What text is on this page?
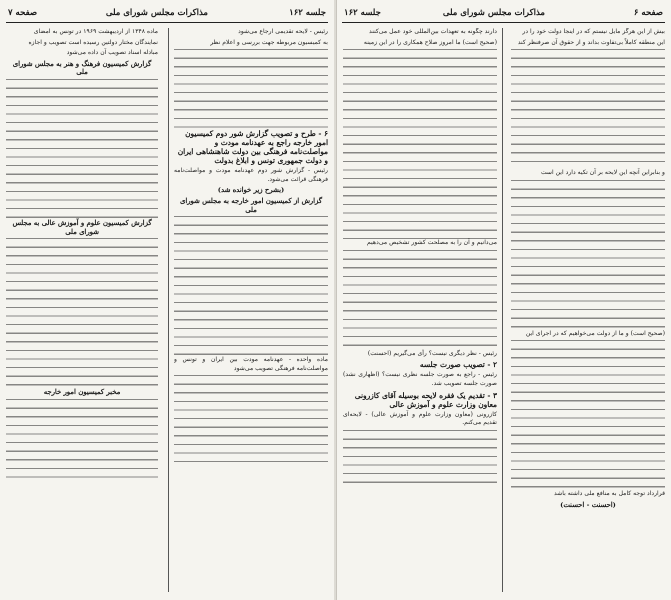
صفحه ۶
مذاکرات مجلس شورای ملی
جلسه ۱۶۲

بیش از این هرگز مایل نیستم که در اینجا دولت خود را در

این منطقه کاملاً بی‌تفاوت بداند و از حقوق آن صرفنظر کند

و بنابراین آنچه این لایحه بر آن تکیه دارد این است

(صحیح است) و ما از دولت می‌خواهیم که در اجرای این

قرارداد توجه کامل به منافع ملی داشته باشد

(احسنت - احسنت)

دارند چگونه به تعهدات بین‌المللی خود عمل می‌کنند

(صحیح است) ما امروز صلاح همکاری را در این زمینه

می‌دانیم و آن را به مصلحت کشور تشخیص می‌دهیم

رئیس - نظر دیگری نیست؟ رأی می‌گیریم (احسنت)

۲ - تصویب صورت جلسه

رئیس - راجع به صورت جلسه نظری نیست؟ (اظهاری نشد) صورت جلسه تصویب شد.

۳ - تقدیم یک فقره لایحه بوسیله آقای کازرونی معاون وزارت علوم و آموزش عالی

کازرونی (معاون وزارت علوم و آموزش عالی) - لایحه‌ای تقدیم می‌کنم.

جلسه ۱۶۲
مذاکرات مجلس شورای ملی
صفحه ۷

رئیس - لایحه تقدیمی ارجاع می‌شود

به کمیسیون مربوطه جهت بررسی و اعلام نظر

۶ - طرح و تصویب گزارش شور دوم کمیسیون امور خارجه راجع به عهدنامه مودت و مواصلت‌نامه فرهنگی بین دولت شاهنشاهی ایران و دولت جمهوری تونس و ابلاغ بدولت

رئیس - گزارش شور دوم عهدنامه مودت و مواصلت‌نامه فرهنگی قرائت می‌شود.

(بشرح زیر خوانده شد)

گزارش از کمیسیون امور خارجه به مجلس شورای ملی

ماده واحده - عهدنامه مودت بین ایران و تونس و مواصلت‌نامه فرهنگی تصویب می‌شود

ماده ۱۳۴۸ از اردیبهشت ۱۹۶۹ در تونس به امضای

نمایندگان مختار دولتین رسیده است تصویب و اجازه

مبادله اسناد تصویب آن داده می‌شود

گزارش کمیسیون فرهنگ و هنر به مجلس شورای ملی

گزارش کمیسیون علوم و آموزش عالی به مجلس شورای ملی

مخبر کمیسیون امور خارجه
